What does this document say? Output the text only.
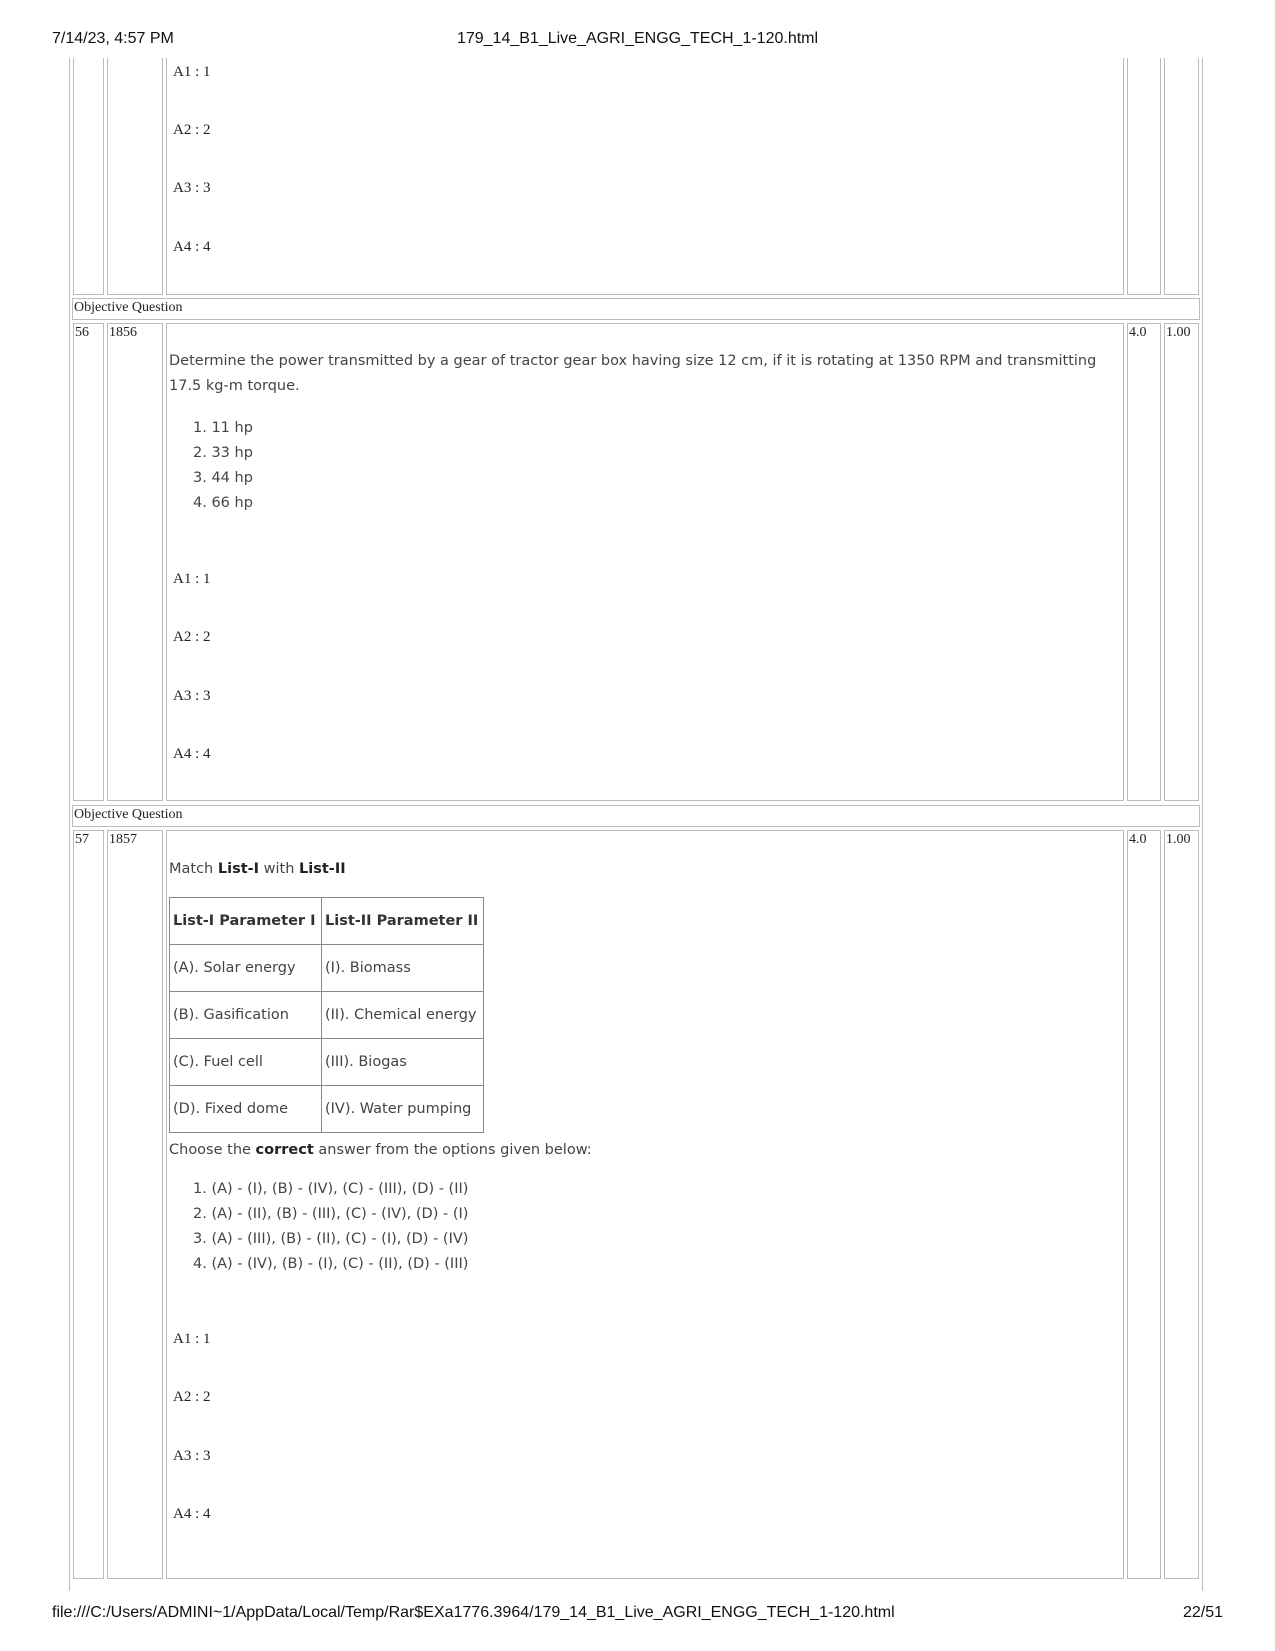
7/14/23, 4:57 PM	179_14_B1_Live_AGRI_ENGG_TECH_1-120.html
A1 : 1
A2 : 2
A3 : 3
A4 : 4
Objective Question
56 1856	4.0 1.00
Determine the power transmitted by a gear of tractor gear box having size 12 cm, if it is rotating at 1350 RPM and transmitting
17.5 kg-m torque.
1. 11 hp
2. 33 hp
3. 44 hp
4. 66 hp
A1 : 1
A2 : 2
A3 : 3
A4 : 4
Objective Question
57 1857	4.0 1.00
Match List-I with List-II
List-I Parameter I	List-II Parameter II
(A). Solar energy	(I). Biomass
(B). Gasification	(II). Chemical energy
(C). Fuel cell	(III). Biogas
(D). Fixed dome	(IV). Water pumping
Choose the correct answer from the options given below:
1. (A) - (I), (B) - (IV), (C) - (III), (D) - (II)
2. (A) - (II), (B) - (III), (C) - (IV), (D) - (I)
3. (A) - (III), (B) - (II), (C) - (I), (D) - (IV)
4. (A) - (IV), (B) - (I), (C) - (II), (D) - (III)
A1 : 1
A2 : 2
A3 : 3
A4 : 4
file:///C:/Users/ADMINI~1/AppData/Local/Temp/Rar$EXa1776.3964/179_14_B1_Live_AGRI_ENGG_TECH_1-120.html	22/51
